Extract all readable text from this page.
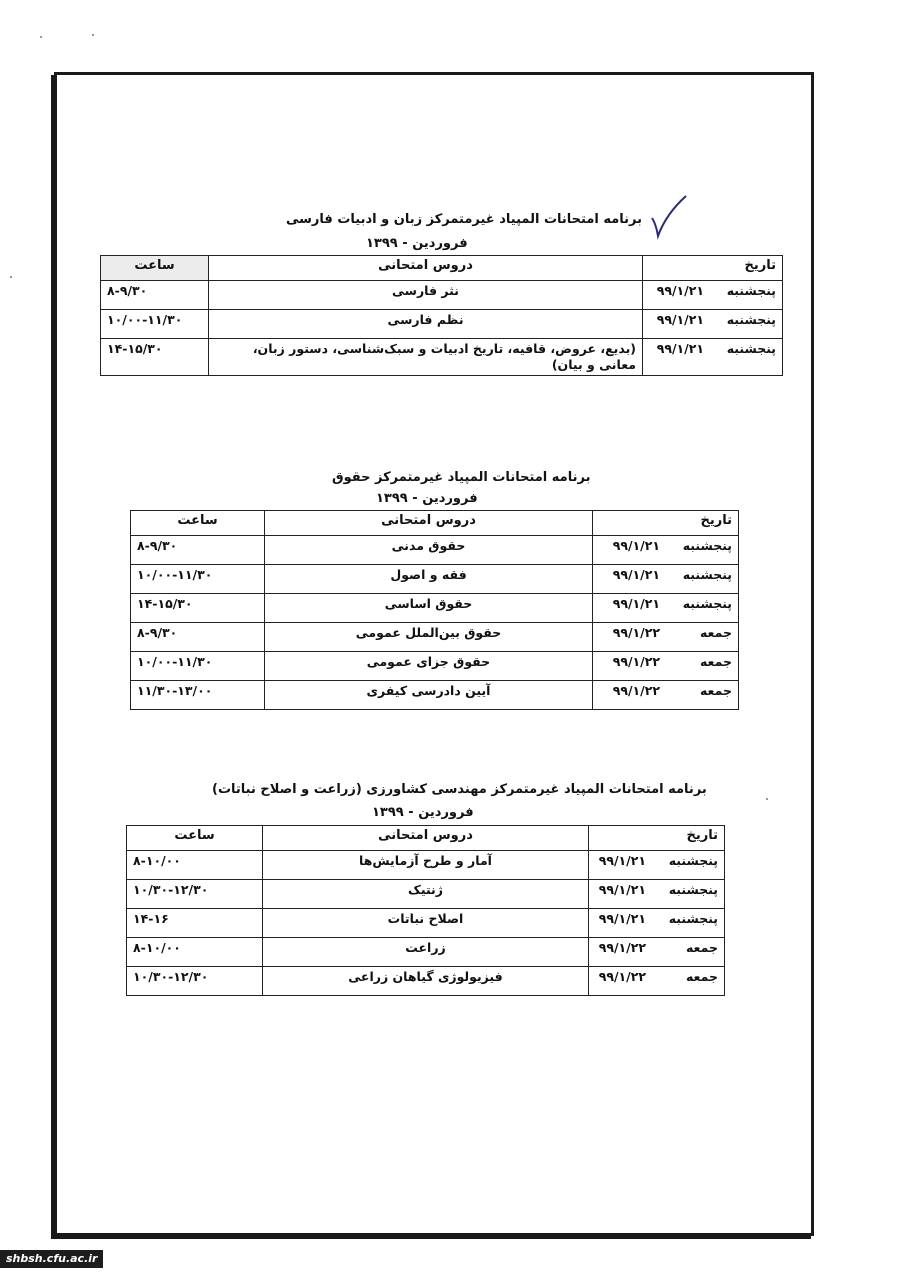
برنامه امتحانات المپیاد غیرمتمرکز زبان و ادبیات فارسی
فروردین - ۱۳۹۹
تاریخ	دروس امتحانی	ساعت
پنجشنبه۹۹/۱/۲۱	نثر فارسی	۸-۹/۳۰
پنجشنبه۹۹/۱/۲۱	نظم فارسی	۱۰/۰۰-۱۱/۳۰
پنجشنبه۹۹/۱/۲۱	(بدیع، عروض، قافیه، تاریخ ادبیات و سبک‌شناسی، دستور زبان، معانی و بیان)	۱۴-۱۵/۳۰
برنامه امتحانات المپیاد غیرمتمرکز حقوق
فروردین - ۱۳۹۹
تاریخ	دروس امتحانی	ساعت
پنجشنبه۹۹/۱/۲۱	حقوق مدنی	۸-۹/۳۰
پنجشنبه۹۹/۱/۲۱	فقه و اصول	۱۰/۰۰-۱۱/۳۰
پنجشنبه۹۹/۱/۲۱	حقوق اساسی	۱۴-۱۵/۳۰
جمعه۹۹/۱/۲۲	حقوق بین‌الملل عمومی	۸-۹/۳۰
جمعه۹۹/۱/۲۲	حقوق جزای عمومی	۱۰/۰۰-۱۱/۳۰
جمعه۹۹/۱/۲۲	آیین دادرسی کیفری	۱۱/۳۰-۱۳/۰۰
برنامه امتحانات المپیاد غیرمتمرکز مهندسی کشاورزی (زراعت و اصلاح نباتات)
فروردین - ۱۳۹۹
تاریخ	دروس امتحانی	ساعت
پنجشنبه۹۹/۱/۲۱	آمار و طرح آزمایش‌ها	۸-۱۰/۰۰
پنجشنبه۹۹/۱/۲۱	ژنتیک	۱۰/۳۰-۱۲/۳۰
پنجشنبه۹۹/۱/۲۱	اصلاح نباتات	۱۴-۱۶
جمعه۹۹/۱/۲۲	زراعت	۸-۱۰/۰۰
جمعه۹۹/۱/۲۲	فیزیولوژی گیاهان زراعی	۱۰/۳۰-۱۲/۳۰
shbsh.cfu.ac.ir
